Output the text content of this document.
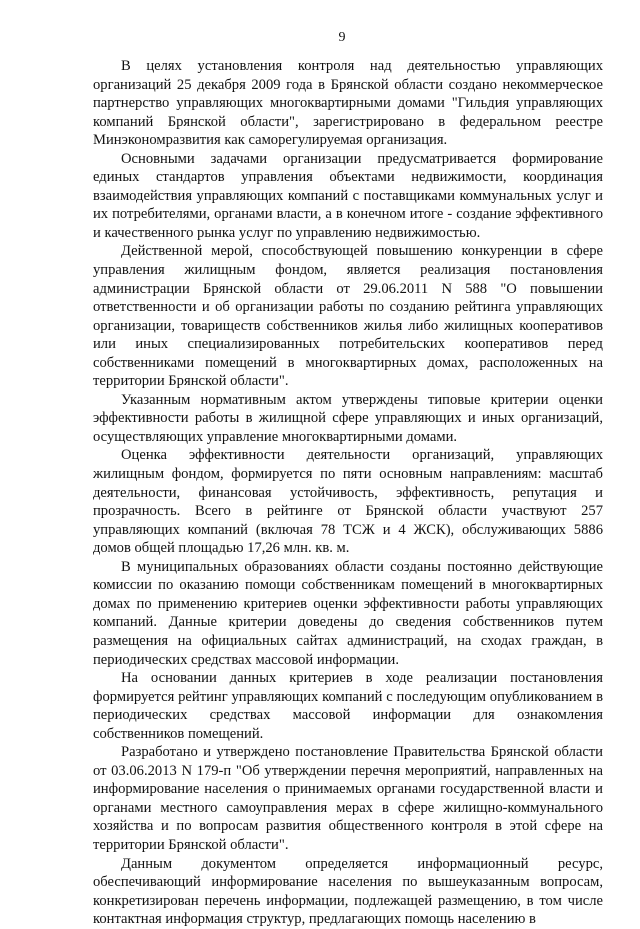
9

В целях установления контроля над деятельностью управляющих организаций 25 декабря 2009 года в Брянской области создано некоммерческое партнерство управляющих многоквартирными домами "Гильдия управляющих компаний Брянской области", зарегистрировано в федеральном реестре Минэкономразвития как саморегулируемая организация.

Основными задачами организации предусматривается формирование единых стандартов управления объектами недвижимости, координация взаимодействия управляющих компаний с поставщиками коммунальных услуг и их потребителями, органами власти, а в конечном итоге - создание эффективного и качественного рынка услуг по управлению недвижимостью.

Действенной мерой, способствующей повышению конкуренции в сфере управления жилищным фондом, является реализация постановления администрации Брянской области от 29.06.2011 N 588 "О повышении ответственности и об организации работы по созданию рейтинга управляющих организации, товариществ собственников жилья либо жилищных кооперативов или иных специализированных потребительских кооперативов перед собственниками помещений в многоквартирных домах, расположенных на территории Брянской области".

Указанным нормативным актом утверждены типовые критерии оценки эффективности работы в жилищной сфере управляющих и иных организаций, осуществляющих управление многоквартирными домами.

Оценка эффективности деятельности организаций, управляющих жилищным фондом, формируется по пяти основным направлениям: масштаб деятельности, финансовая устойчивость, эффективность, репутация и прозрачность. Всего в рейтинге от Брянской области участвуют 257 управляющих компаний (включая 78 ТСЖ и 4 ЖСК), обслуживающих 5886 домов общей площадью 17,26 млн. кв. м.

В муниципальных образованиях области созданы постоянно действующие комиссии по оказанию помощи собственникам помещений в многоквартирных домах по применению критериев оценки эффективности работы управляющих компаний. Данные критерии доведены до сведения собственников путем размещения на официальных сайтах администраций, на сходах граждан, в периодических средствах массовой информации.

На основании данных критериев в ходе реализации постановления формируется рейтинг управляющих компаний с последующим опубликованием в периодических средствах массовой информации для ознакомления собственников помещений.

Разработано и утверждено постановление Правительства Брянской области от 03.06.2013 N 179-п "Об утверждении перечня мероприятий, направленных на информирование населения о принимаемых органами государственной власти и органами местного самоуправления мерах в сфере жилищно-коммунального хозяйства и по вопросам развития общественного контроля в этой сфере на территории Брянской области".

Данным документом определяется информационный ресурс, обеспечивающий информирование населения по вышеуказанным вопросам, конкретизирован перечень информации, подлежащей размещению, в том числе контактная информация структур, предлагающих помощь населению в
